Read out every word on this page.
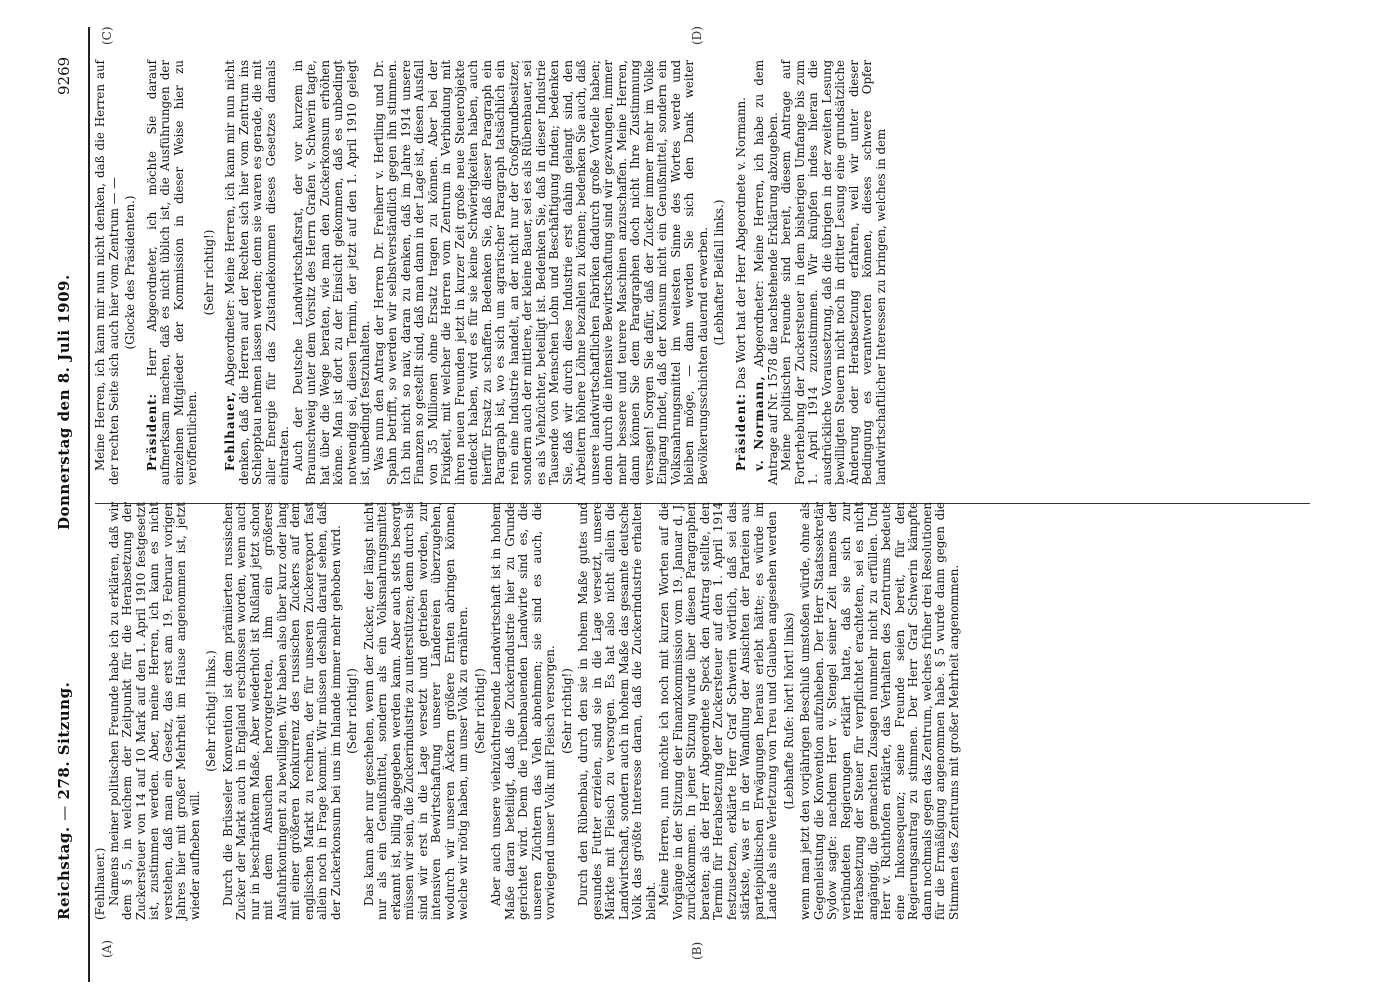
Reichstag. — 278. Sitzung.
Donnerstag den 8. Juli 1909.
9269
(A)	(B)
(C)	(D)

(Fehlhauer.) Namens meiner politischen Freunde habe ich zu erklären, daß wir dem § 5, in welchem der Zeitpunkt für die Herabsetzung der Zuckersteuer von 14 auf 10 Mark auf den 1. April 1910 festgesetzt ist, zustimmen werden. Aber, meine Herren, ich kann es nicht verstehen, daß man ein Gesetz, das erst am 19. Februar vorigen Jahres hier mit großer Mehrheit im Hause angenommen ist, jetzt wieder aufheben will.

(Sehr richtig! links.) Durch die Brüsseler Konvention ist dem prämiierten russischen Zucker der Markt auch in England erschlossen worden, wenn auch nur in beschränktem Maße. Aber wiederholt ist Rußland jetzt schon mit dem Ansuchen hervorgetreten, ihm ein größeres Ausfuhrkontingent zu bewilligen. Wir haben also über kurz oder lang mit einer größeren Konkurrenz des russischen Zuckers auf dem englischen Markt zu rechnen, der für unseren Zuckerexport fast allein noch in Frage kommt. Wir müssen deshalb darauf sehen, daß der Zuckerkonsum bei uns im Inlande immer mehr gehoben wird. (Sehr richtig!) Das kann aber nur geschehen, wenn der Zucker, der längst nicht nur als ein Genußmittel, sondern als ein Volksnahrungsmittel erkannt ist, billig abgegeben werden kann. Aber auch stets besorgt müssen wir sein, die Zuckerindustrie zu unterstützen; denn durch sie sind wir erst in die Lage versetzt und getrieben worden, zur intensiven Bewirtschaftung unserer Ländereien überzugehen, wodurch wir unseren Äckern größere Ernten abringen können, welche wir nötig haben, um unser Volk zu ernähren. (Sehr richtig!) Aber auch unsere viehzüchtreibende Landwirtschaft ist in hohem Maße daran beteiligt, daß die Zuckerindustrie hier zu Grunde gerichtet wird. Denn die rübenbauenden Landwirte sind es, die unseren Züchtern das Vieh abnehmen; sie sind es auch, die vorwiegend unser Volk mit Fleisch versorgen. (Sehr richtig!) Durch den Rübenbau, durch den sie in hohem Maße gutes und gesundes Futter erzielen, sind sie in die Lage versetzt, unsere Märkte mit Fleisch zu versorgen. Es hat also nicht allein die Landwirtschaft, sondern auch in hohem Maße das gesamte deutsche Volk das größte Interesse daran, daß die Zuckerindustrie erhalten bleibt. Meine Herren, nun möchte ich noch mit kurzen Worten auf die Vorgänge in der Sitzung der Finanzkommission vom 19. Januar d. J. zurückkommen. In jener Sitzung wurde über diesen Paragraphen beraten; als der Herr Abgeordnete Speck den Antrag stellte, den Termin für Herabsetzung der Zuckersteuer auf den 1. April 1914 festzusetzen, erklärte Herr Graf Schwerin wörtlich, daß sei das stärkste, was er in der Wandlung der Ansichten der Parteien aus parteipolitischen Erwägungen heraus erlebt hätte; es würde im Lande als eine Verletzung von Treu und Glauben angesehen werden (Lebhafte Rufe: hört! hört! links) wenn man jetzt den vorjährigen Beschluß umstoßen würde, ohne als Gegenleistung die Konvention aufzuheben. Der Herr Staatssekretär Sydow sagte: nachdem Herr v. Stengel seiner Zeit namens der verbündeten Regierungen erklärt hatte, daß sie sich zur Herabsetzung der Steuer für verpflichtet erachteten, sei es nicht angängig, die gemachten Zusagen nunmehr nicht zu erfüllen. Und Herr v. Richthofen erklärte, das Verhalten des Zentrums bedeute eine Inkonsequenz; seine Freunde seien bereit, für den Regierungsantrag zu stimmen. Der Herr Graf Schwerin kämpfte dann nochmals gegen das Zentrum, welches früher drei Resolutionen für die Ermäßigung angenommen habe. § 5 wurde dann gegen die Stimmen des Zentrums mit großer Mehrheit angenommen.

Meine Herren, ich kann mir nun nicht denken, daß die Herren auf der rechten Seite sich auch hier vom Zentrum — — (Glocke des Präsidenten.)

Präsident: Herr Abgeordneter, ich möchte Sie darauf aufmerksam machen, daß es nicht üblich ist, die Ausführungen der einzelnen Mitglieder der Kommission in dieser Weise hier zu veröffentlichen.

(Sehr richtig!)

Fehlhauer, Abgeordneter: Meine Herren, ich kann mir nun nicht denken, daß die Herren auf der Rechten sich hier vom Zentrum ins Schlepptau nehmen lassen werden; denn sie waren es gerade, die mit aller Energie für das Zustandekommen dieses Gesetzes damals eintraten. Auch der Deutsche Landwirtschaftsrat, der vor kurzem in Braunschweig unter dem Vorsitz des Herrn Grafen v. Schwerin tagte, hat über die Wege beraten, wie man den Zuckerkonsum erhöhen könne. Man ist dort zu der Einsicht gekommen, daß es unbedingt notwendig sei, diesen Termin, der jetzt auf den 1. April 1910 gelegt ist, unbedingt festzuhalten. Was nun den Antrag der Herren Dr. Freiherr v. Hertling und Dr. Spahn betrifft, so werden wir selbstverständlich gegen ihn stimmen. Ich bin nicht so naiv, daran zu denken, daß im Jahre 1914 unsere Finanzen so gestellt sind, daß man dann in der Lage ist, diesen Ausfall von 35 Millionen ohne Ersatz tragen zu können. Aber bei der Fixigkeit, mit welcher die Herren vom Zentrum in Verbindung mit ihren neuen Freunden jetzt in kurzer Zeit große neue Steuerobjekte entdeckt haben, wird es für sie keine Schwierigkeiten haben, auch hierfür Ersatz zu schaffen. Bedenken Sie, daß dieser Paragraph ein Paragraph ist, wo es sich um agrarischer Paragraph tatsächlich ein rein eine Industrie handelt, an der nicht nur der Großgrundbesitzer, sondern auch der mittlere, der kleine Bauer, sei es als Rübenbauer, sei es als Viehzüchter, beteiligt ist. Bedenken Sie, daß in dieser Industrie Tausende von Menschen Lohn und Beschäftigung finden; bedenken Sie, daß wir durch diese Industrie erst dahin gelangt sind, den Arbeitern höhere Löhne bezahlen zu können; bedenken Sie auch, daß unsere landwirtschaftlichen Fabriken dadurch große Vorteile haben; denn durch die intensive Bewirtschaftung sind wir gezwungen, immer mehr bessere und teurere Maschinen anzuschaffen. Meine Herren, dann können Sie dem Paragraphen doch nicht Ihre Zustimmung versagen! Sorgen Sie dafür, daß der Zucker immer mehr im Volke Eingang findet, daß der Konsum nicht ein Genußmittel, sondern ein Volksnahrungsmittel im weitesten Sinne des Wortes werde und bleiben möge, — dann werden Sie sich den Dank weiter Bevölkerungsschichten dauernd erwerben. (Lebhafter Beifall links.)

Präsident: Das Wort hat der Herr Abgeordnete v. Normann.

v. Normann, Abgeordneter: Meine Herren, ich habe zu dem Antrage auf Nr. 1578 die nachstehende Erklärung abzugeben. Meine politischen Freunde sind bereit, diesem Antrage auf Forterhebung der Zuckersteuer in dem bisherigen Umfange bis zum 1. April 1914 zuzustimmen. Wir knüpfen indes hieran die ausdrückliche Voraussetzung, daß die übrigen in der zweiten Lesung bewilligten Steuern nicht noch in dritter Lesung eine grundsätzliche Änderung oder Herabsetzung erfahren, weil wir unter dieser Bedingung es verantworten können, dieses schwere Opfer landwirtschaftlicher Interessen zu bringen, welches in dem
